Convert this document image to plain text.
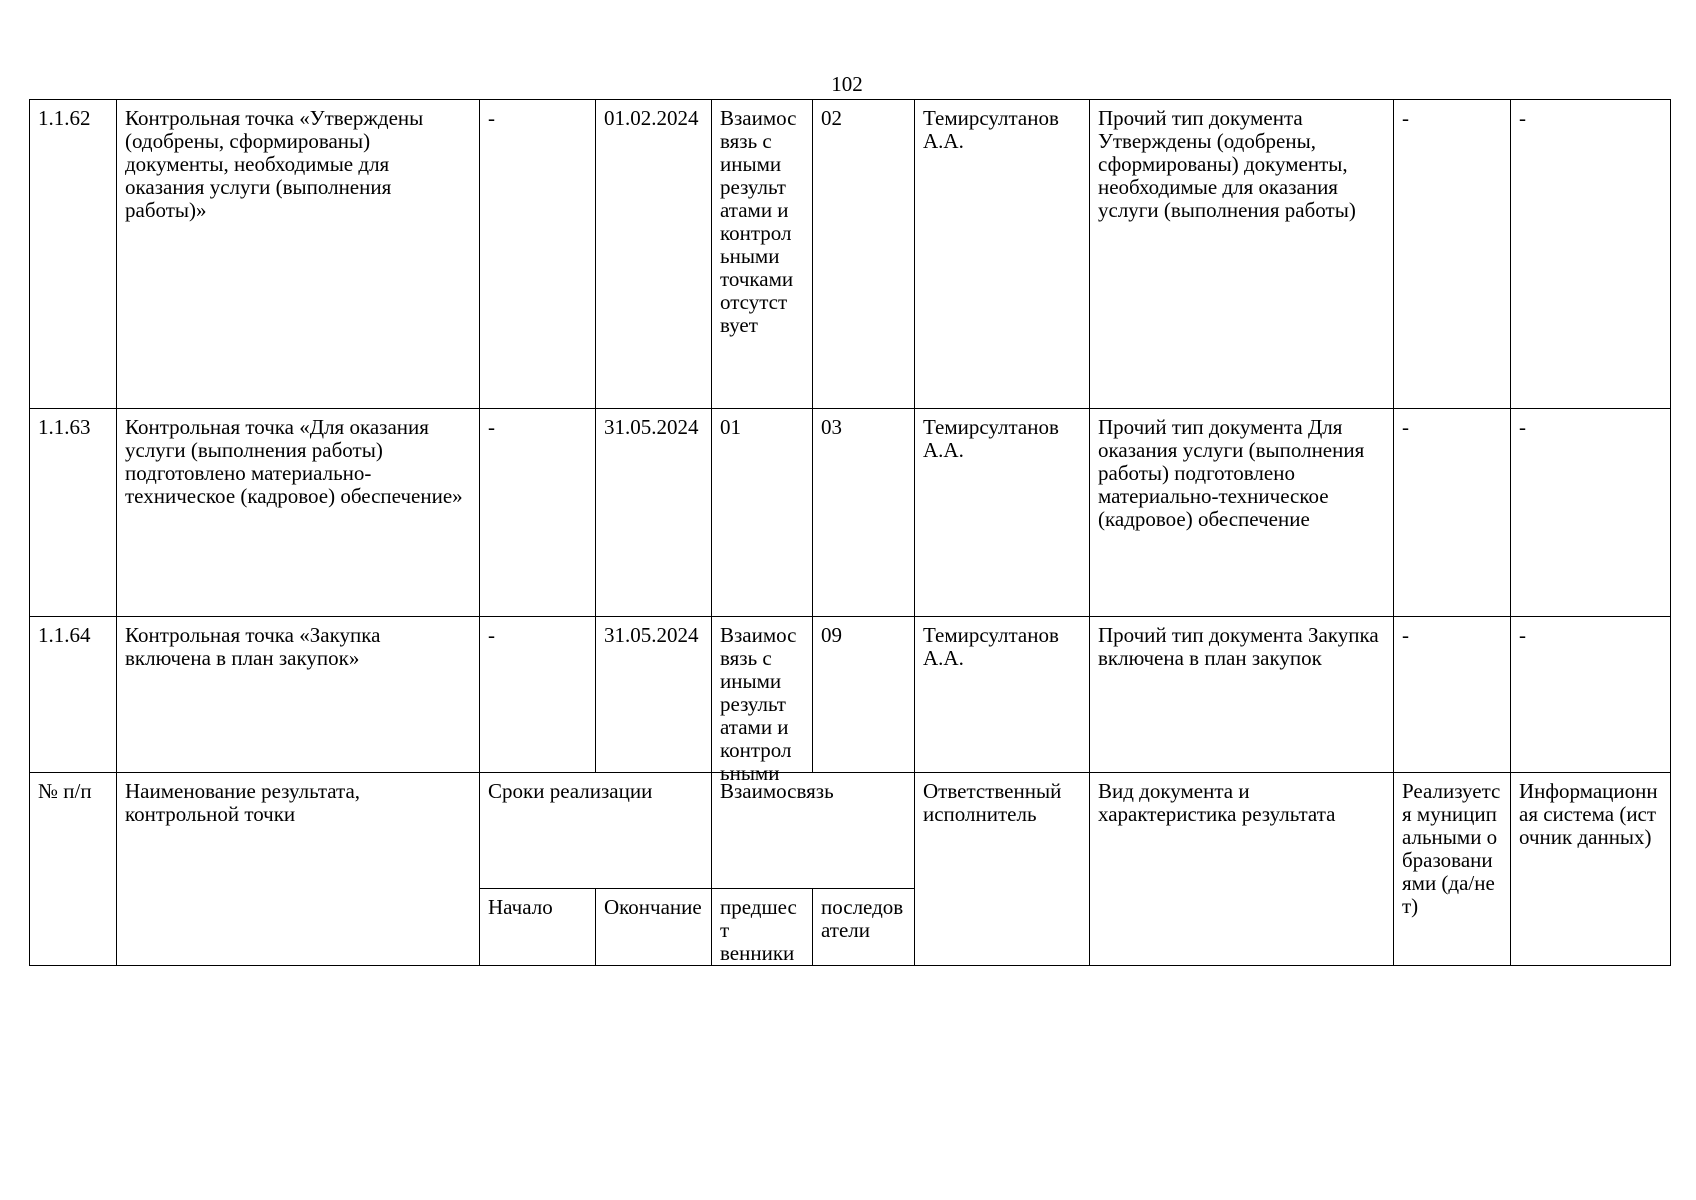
102
1.1.62	Контрольная точка «Утверждены (одобрены, сформированы) документы, необходимые для оказания услуги (выполнения работы)»	-	01.02.2024	Взаимос вязь с иными результ атами и контрол ьными точками отсутст вует	02	Темирсултанов А.А.	Прочий тип документа Утверждены (одобрены, сформированы) документы, необходимые для оказания услуги (выполнения работы)	-	-
1.1.63	Контрольная точка «Для оказания услуги (выполнения работы) подготовлено материально-техническое (кадровое) обеспечение»	-	31.05.2024	01	03	Темирсултанов А.А.	Прочий тип документа Для оказания услуги (выполнения работы) подготовлено материально-техническое (кадровое) обеспечение	-	-
1.1.64	Контрольная точка «Закупка включена в план закупок»	-	31.05.2024	Взаимос вязь с иными результ атами и контрол ьными	09	Темирсултанов А.А.	Прочий тип документа Закупка включена в план закупок	-	-
№ п/п	Наименование результата, контрольной точки	Сроки реализации		Взаимосвязь		Ответственный исполнитель	Вид документа и характеристика результата	Реализуется муниципальными образованиями (да/нет)	Информационная система (источник данных)
		Начало	Окончание	предшест венники	последов атели				
